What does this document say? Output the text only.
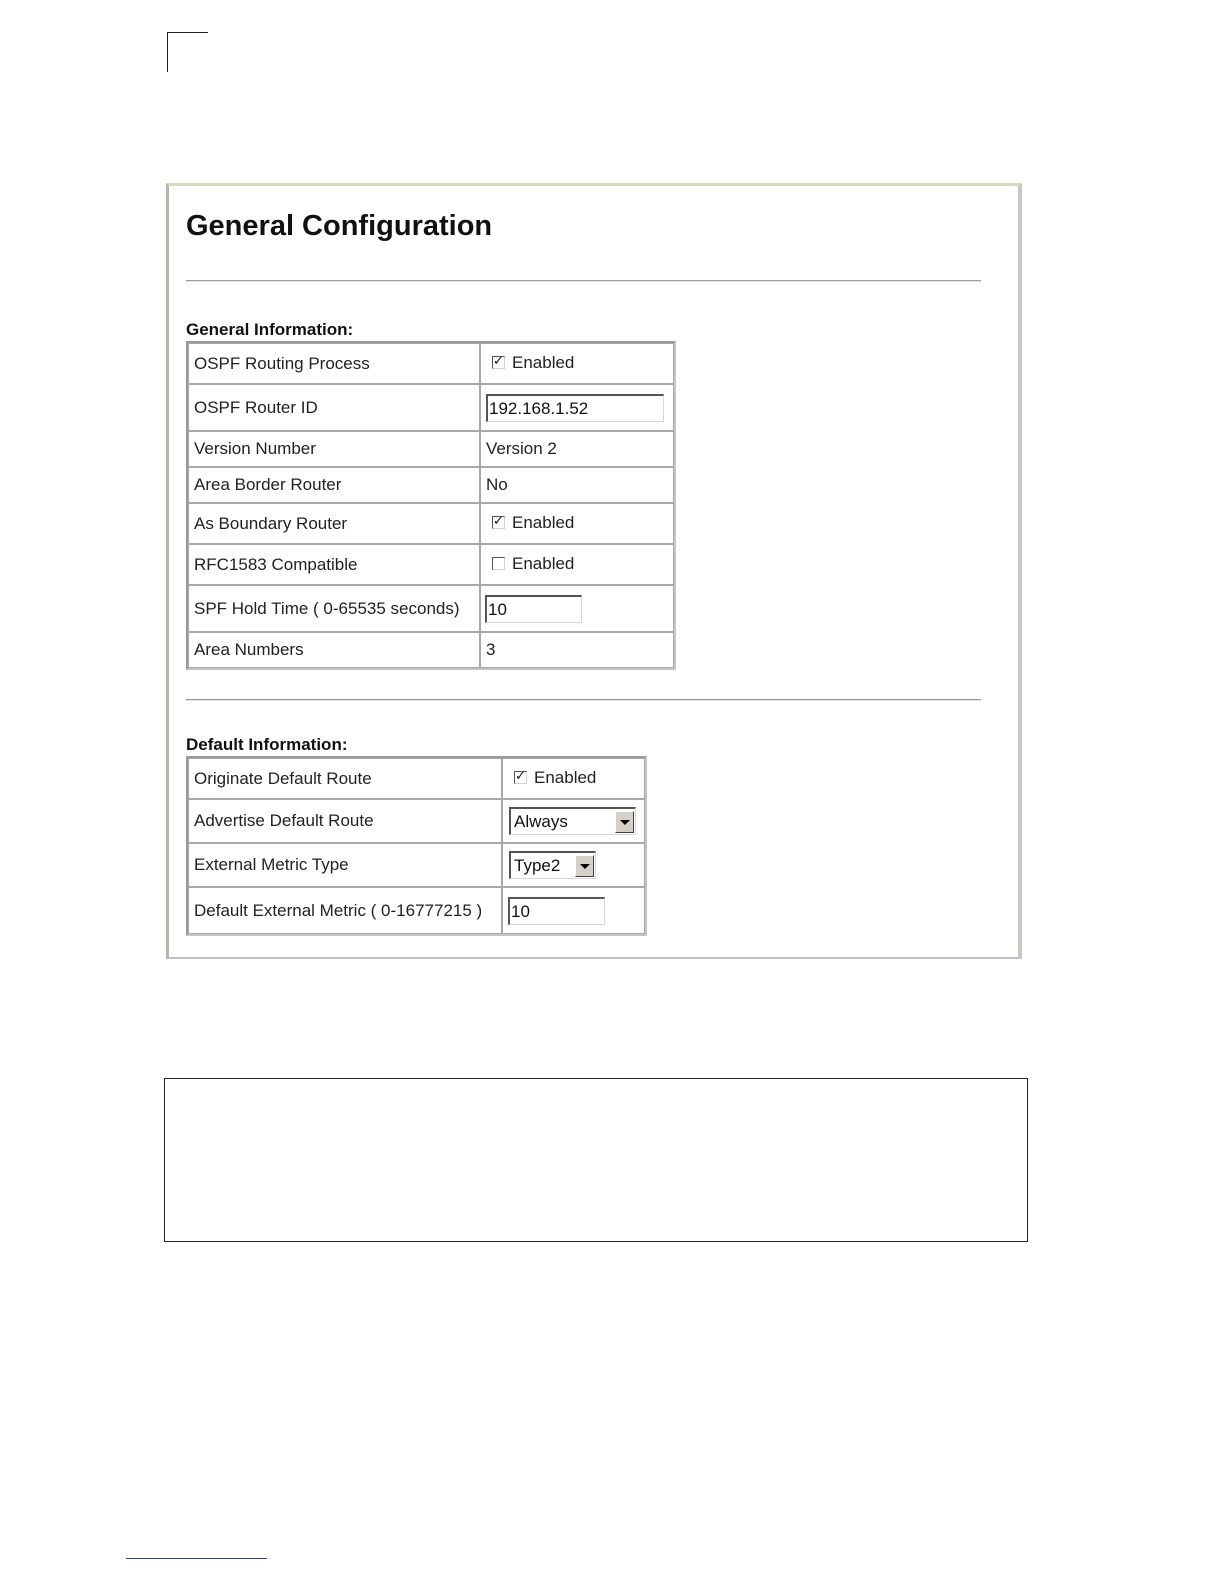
General Configuration
General Information:
OSPF Routing Process	✓ Enabled

OSPF Router ID	192.168.1.52
Version Number	Version 2
Area Border Router	No
As Boundary Router	✓ Enabled

RFC1583 Compatible	Enabled

SPF Hold Time ( 0-65535 seconds)	10
Area Numbers	3
Default Information:
Originate Default Route	✓ Enabled

Advertise Default Route	Always

External Metric Type	Type2

Default External Metric ( 0-16777215 )	10
